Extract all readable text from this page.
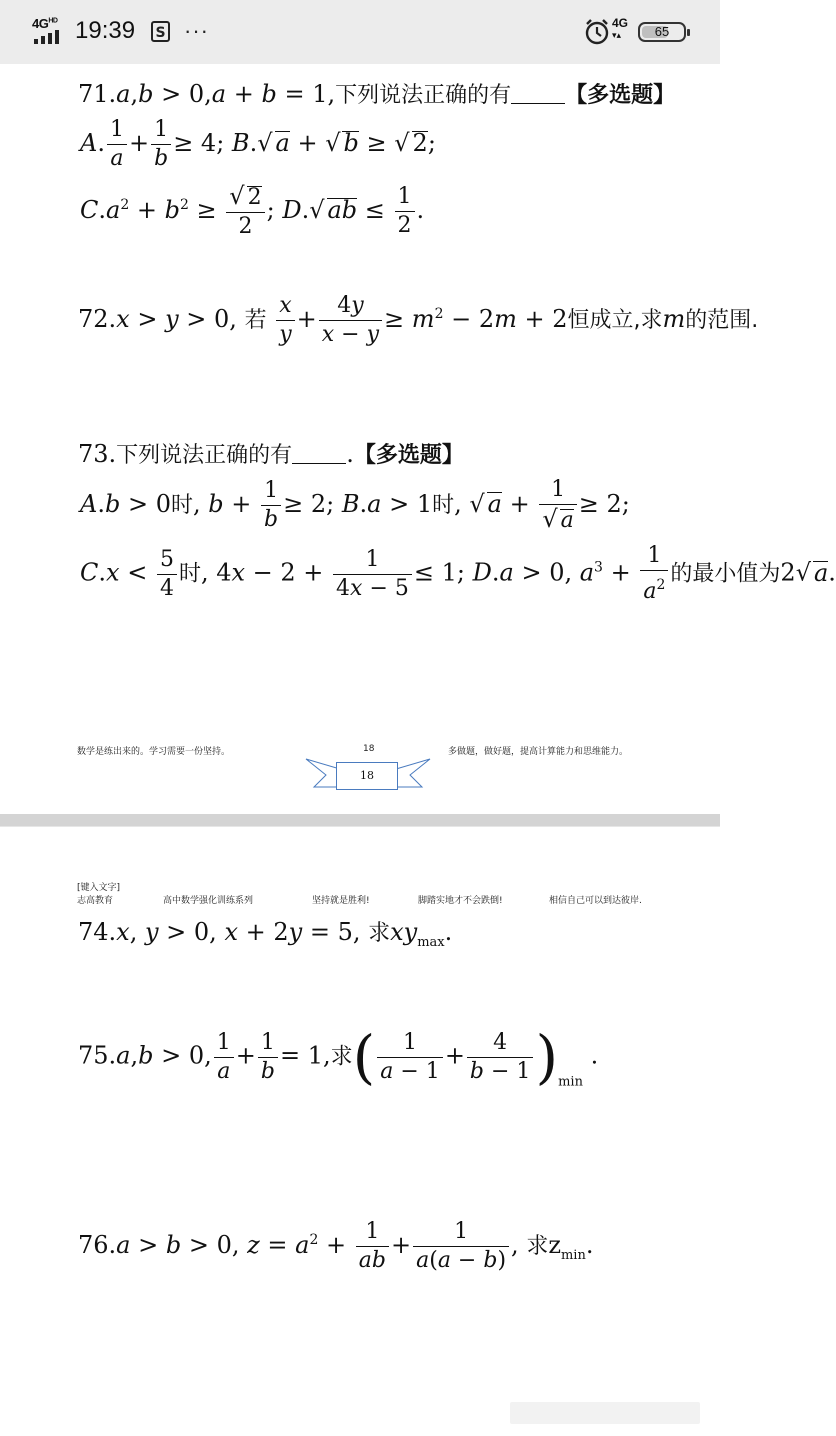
$4G^{HD}$ 19:39 S ···	4G
▾▴	65
71.a,b > 0,a + b = 1,下列说法正确的有 【多选题】
A. $\frac{1}{a} + \frac{1}{b} \ge 4$; B.√ a + √ b ≥ √ 2;
$C.a^2 + b^2 \ge \frac{√ 2}{2}$ ; D.√ ab ≤ $\frac{1}{2}$ .
72.x > y > 0, 若 $\frac{x}{y} + \frac{4y}{x - y} \ge m^2 - 2m + 2$恒成立,求m的范围.
73.下列说法正确的有 .【多选题】
A.b > 0时, $b + \frac{1}{b} \ge 2$; B.a > 1时, √ $a + \frac{1}{√ a} \ge 2$;
$C.x < \frac{5}{4}$ 时, $4x - 2 + \frac{1}{4x - 5} \le 1$; D.a > 0, $a^3 + \frac{1}{a^2}$ 的最小值为2√ a.
数学是练出来的。学习需要一份坚持。	18	多做题，做好题，提高计算能力和思维能力。
18
[键入文字]
志高教育	高中数学强化训练系列	坚持就是胜利!	脚踏实地才不会跌倒!	相信自己可以到达彼岸.
74.x, y > 0, x + 2y = 5, 求$xy_{max}$.
75.a,b > 0, $\frac{1}{a} + \frac{1}{b} = 1$,求( $\frac{1}{a - 1} + \frac{4}{b - 1} )_{min}$ .
76.a > b > 0, $z = a^2 + \frac{1}{ab} + \frac{1}{a(a - b)}$ , 求$z_{min}$.
